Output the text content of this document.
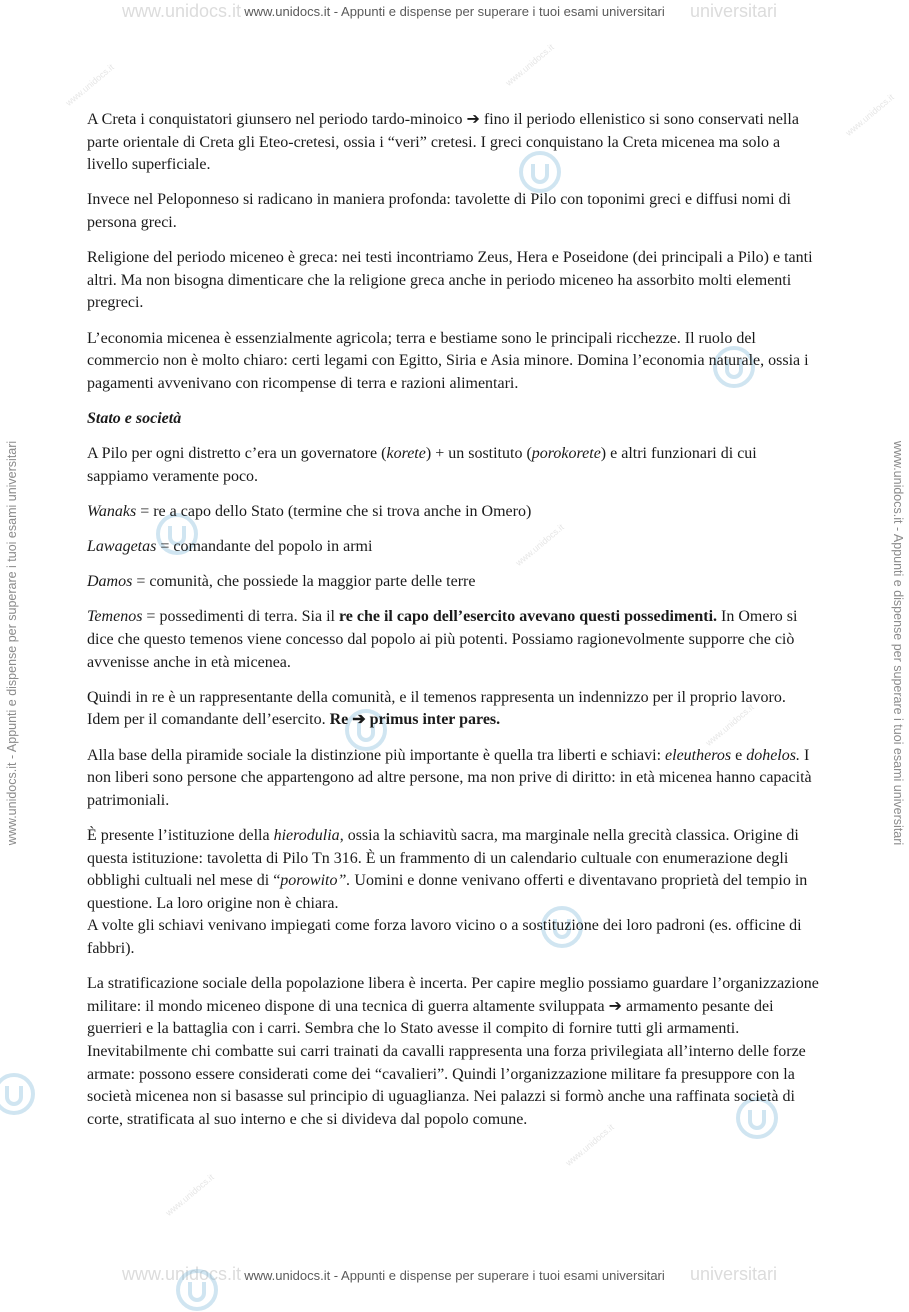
www.unidocs.it	universitari
www.unidocs.it - Appunti e dispense per superare i tuoi esami universitari
www.unidocs.it	universitari
www.unidocs.it - Appunti e dispense per superare i tuoi esami universitari
www.unidocs.it - Appunti e dispense per superare i tuoi esami universitari	www.unidocs.it - Appunti e dispense per superare i tuoi esami universitari
www.unidocs.it	www.unidocs.it
www.unidocs.it
www.unidocs.it
www.unidocs.it
www.unidocs.it
www.unidocs.it

A Creta i conquistatori giunsero nel periodo tardo-minoico ➔ fino il periodo ellenistico si sono conservati nella parte orientale di Creta gli Eteo-cretesi, ossia i “veri” cretesi. I greci conquistano la Creta micenea ma solo a livello superficiale.

Invece nel Peloponneso si radicano in maniera profonda: tavolette di Pilo con toponimi greci e diffusi nomi di persona greci.

Religione del periodo miceneo è greca: nei testi incontriamo Zeus, Hera e Poseidone (dei principali a Pilo) e tanti altri. Ma non bisogna dimenticare che la religione greca anche in periodo miceneo ha assorbito molti elementi pregreci.

L’economia micenea è essenzialmente agricola; terra e bestiame sono le principali ricchezze. Il ruolo del commercio non è molto chiaro: certi legami con Egitto, Siria e Asia minore. Domina l’economia naturale, ossia i pagamenti avvenivano con ricompense di terra e razioni alimentari.

Stato e società

A Pilo per ogni distretto c’era un governatore (korete) + un sostituto (porokorete) e altri funzionari di cui sappiamo veramente poco.

Wanaks = re a capo dello Stato (termine che si trova anche in Omero)

Lawagetas = comandante del popolo in armi

Damos = comunità, che possiede la maggior parte delle terre

Temenos = possedimenti di terra. Sia il re che il capo dell’esercito avevano questi possedimenti. In Omero si dice che questo temenos viene concesso dal popolo ai più potenti. Possiamo ragionevolmente supporre che ciò avvenisse anche in età micenea.

Quindi in re è un rappresentante della comunità, e il temenos rappresenta un indennizzo per il proprio lavoro. Idem per il comandante dell’esercito. Re ➔ primus inter pares.

Alla base della piramide sociale la distinzione più importante è quella tra liberti e schiavi: eleutheros e dohelos. I non liberi sono persone che appartengono ad altre persone, ma non prive di diritto: in età micenea hanno capacità patrimoniali.

È presente l’istituzione della hierodulia, ossia la schiavitù sacra, ma marginale nella grecità classica. Origine di questa istituzione: tavoletta di Pilo Tn 316. È un frammento di un calendario cultuale con enumerazione degli obblighi cultuali nel mese di “porowito”. Uomini e donne venivano offerti e diventavano proprietà del tempio in questione. La loro origine non è chiara.
A volte gli schiavi venivano impiegati come forza lavoro vicino o a sostituzione dei loro padroni (es. officine di fabbri).

La stratificazione sociale della popolazione libera è incerta. Per capire meglio possiamo guardare l’organizzazione militare: il mondo miceneo dispone di una tecnica di guerra altamente sviluppata ➔ armamento pesante dei guerrieri e la battaglia con i carri. Sembra che lo Stato avesse il compito di fornire tutti gli armamenti. Inevitabilmente chi combatte sui carri trainati da cavalli rappresenta una forza privilegiata all’interno delle forze armate: possono essere considerati come dei “cavalieri”. Quindi l’organizzazione militare fa presuppore con la società micenea non si basasse sul principio di uguaglianza. Nei palazzi si formò anche una raffinata società di corte, stratificata al suo interno e che si divideva dal popolo comune.
